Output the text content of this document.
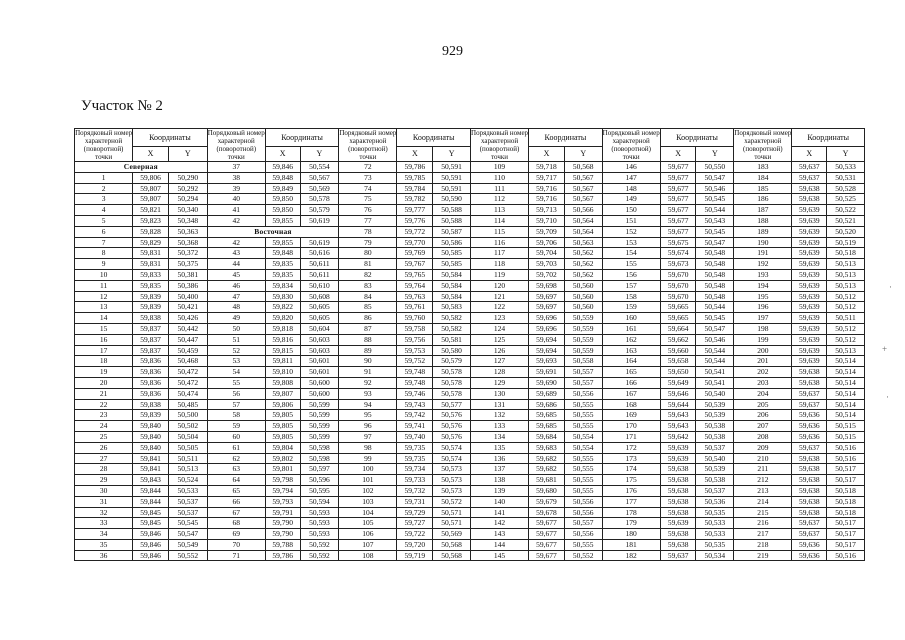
929
Участок № 2
Порядковый номер характерной (поворотной) точки	Координаты		Порядковый номер характерной (поворотной) точки	Координаты		Порядковый номер характерной (поворотной) точки	Координаты		Порядковый номер характерной (поворотной) точки	Координаты		Порядковый номер характерной (поворотной) точки	Координаты		Порядковый номер характерной (поворотной) точки	Координаты	
	X	Y		X	Y		X	Y		X	Y		X	Y		X	Y
Северная			37	59,846	50,554	72	59,786	50,591	109	59,718	50,568	146	59,677	50,550	183	59,637	50,533
1	59,806	50,290	38	59,848	50,567	73	59,785	50,591	110	59,717	50,567	147	59,677	50,547	184	59,637	50,531
2	59,807	50,292	39	59,849	50,569	74	59,784	50,591	111	59,716	50,567	148	59,677	50,546	185	59,638	50,528
3	59,807	50,294	40	59,850	50,578	75	59,782	50,590	112	59,716	50,567	149	59,677	50,545	186	59,638	50,525
4	59,821	50,340	41	59,850	50,579	76	59,777	50,588	113	59,713	50,566	150	59,677	50,544	187	59,639	50,522
5	59,823	50,348	42	59,855	50,619	77	59,776	50,588	114	59,710	50,564	151	59,677	50,543	188	59,639	50,521
6	59,828	50,363	Восточная			78	59,772	50,587	115	59,709	50,564	152	59,677	50,545	189	59,639	50,520
7	59,829	50,368	42	59,855	50,619	79	59,770	50,586	116	59,706	50,563	153	59,675	50,547	190	59,639	50,519
8	59,831	50,372	43	59,848	50,616	80	59,769	50,585	117	59,704	50,562	154	59,674	50,548	191	59,639	50,518
9	59,831	50,375	44	59,835	50,611	81	59,767	50,585	118	59,703	50,562	155	59,673	50,548	192	59,639	50,513
10	59,833	50,381	45	59,835	50,611	82	59,765	50,584	119	59,702	50,562	156	59,670	50,548	193	59,639	50,513
11	59,835	50,386	46	59,834	50,610	83	59,764	50,584	120	59,698	50,560	157	59,670	50,548	194	59,639	50,513
12	59,839	50,400	47	59,830	50,608	84	59,763	50,584	121	59,697	50,560	158	59,670	50,548	195	59,639	50,512
13	59,839	50,421	48	59,822	50,605	85	59,761	50,583	122	59,697	50,560	159	59,665	50,544	196	59,639	50,512
14	59,838	50,426	49	59,820	50,605	86	59,760	50,582	123	59,696	50,559	160	59,665	50,545	197	59,639	50,511
15	59,837	50,442	50	59,818	50,604	87	59,758	50,582	124	59,696	50,559	161	59,664	50,547	198	59,639	50,512
16	59,837	50,447	51	59,816	50,603	88	59,756	50,581	125	59,694	50,559	162	59,662	50,546	199	59,639	50,512
17	59,837	50,459	52	59,815	50,603	89	59,753	50,580	126	59,694	50,559	163	59,660	50,544	200	59,639	50,513
18	59,836	50,468	53	59,811	50,601	90	59,752	50,579	127	59,693	50,558	164	59,658	50,544	201	59,639	50,514
19	59,836	50,472	54	59,810	50,601	91	59,748	50,578	128	59,691	50,557	165	59,650	50,541	202	59,638	50,514
20	59,836	50,472	55	59,808	50,600	92	59,748	50,578	129	59,690	50,557	166	59,649	50,541	203	59,638	50,514
21	59,836	50,474	56	59,807	50,600	93	59,746	50,578	130	59,689	50,556	167	59,646	50,540	204	59,637	50,514
22	59,838	50,485	57	59,806	50,599	94	59,743	50,577	131	59,686	50,555	168	59,644	50,539	205	59,637	50,514
23	59,839	50,500	58	59,805	50,599	95	59,742	50,576	132	59,685	50,555	169	59,643	50,539	206	59,636	50,514
24	59,840	50,502	59	59,805	50,599	96	59,741	50,576	133	59,685	50,555	170	59,643	50,538	207	59,636	50,515
25	59,840	50,504	60	59,805	50,599	97	59,740	50,576	134	59,684	50,554	171	59,642	50,538	208	59,636	50,515
26	59,840	50,505	61	59,804	50,598	98	59,735	50,574	135	59,683	50,554	172	59,639	50,537	209	59,637	50,516
27	59,841	50,511	62	59,802	50,598	99	59,735	50,574	136	59,682	50,555	173	59,639	50,540	210	59,638	50,516
28	59,841	50,513	63	59,801	50,597	100	59,734	50,573	137	59,682	50,555	174	59,638	50,539	211	59,638	50,517
29	59,843	50,524	64	59,798	50,596	101	59,733	50,573	138	59,681	50,555	175	59,638	50,538	212	59,638	50,517
30	59,844	50,533	65	59,794	50,595	102	59,732	50,573	139	59,680	50,555	176	59,638	50,537	213	59,638	50,518
31	59,844	50,537	66	59,793	50,594	103	59,731	50,572	140	59,679	50,556	177	59,638	50,536	214	59,638	50,518
32	59,845	50,537	67	59,791	50,593	104	59,729	50,571	141	59,678	50,556	178	59,638	50,535	215	59,638	50,518
33	59,845	50,545	68	59,790	50,593	105	59,727	50,571	142	59,677	50,557	179	59,639	50,533	216	59,637	50,517
34	59,846	50,547	69	59,790	50,593	106	59,722	50,569	143	59,677	50,556	180	59,638	50,533	217	59,637	50,517
35	59,846	50,549	70	59,788	50,592	107	59,720	50,568	144	59,677	50,555	181	59,638	50,535	218	59,636	50,517
36	59,846	50,552	71	59,786	50,592	108	59,719	50,568	145	59,677	50,552	182	59,637	50,534	219	59,636	50,516
·
+
·
